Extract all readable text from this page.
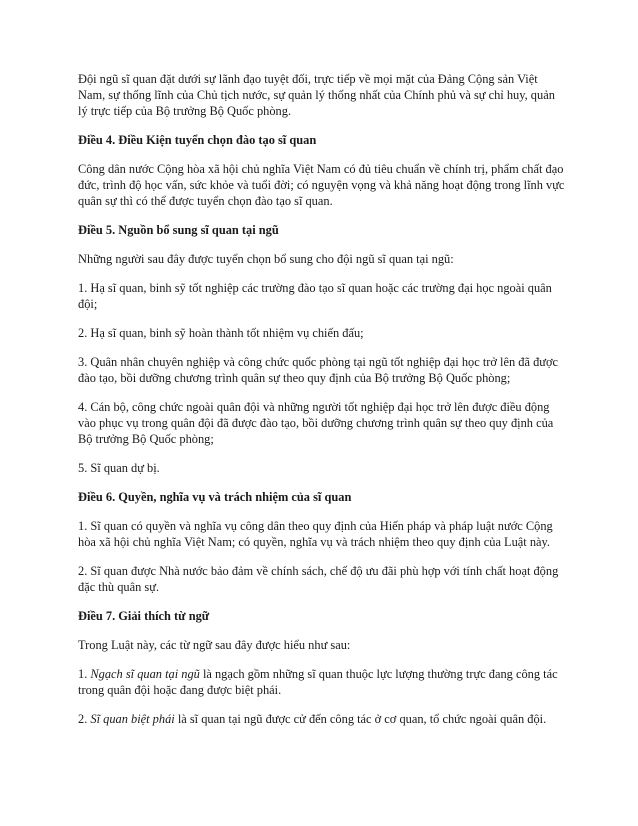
Đội ngũ sĩ quan đặt dưới sự lãnh đạo tuyệt đối, trực tiếp về mọi mặt của Đảng Cộng sản Việt Nam, sự thống lĩnh của Chủ tịch nước, sự quản lý thống nhất của Chính phủ và sự chỉ huy, quản lý trực tiếp của Bộ trưởng Bộ Quốc phòng.

Điều 4. Điều Kiện tuyển chọn đào tạo sĩ quan

Công dân nước Cộng hòa xã hội chủ nghĩa Việt Nam có đủ tiêu chuẩn về chính trị, phẩm chất đạo đức, trình độ học vấn, sức khỏe và tuổi đời; có nguyện vọng và khả năng hoạt động trong lĩnh vực quân sự thì có thể được tuyển chọn đào tạo sĩ quan.

Điều 5. Nguồn bổ sung sĩ quan tại ngũ

Những người sau đây được tuyển chọn bổ sung cho đội ngũ sĩ quan tại ngũ:

1. Hạ sĩ quan, binh sỹ tốt nghiệp các trường đào tạo sĩ quan hoặc các trường đại học ngoài quân đội;

2. Hạ sĩ quan, binh sỹ hoàn thành tốt nhiệm vụ chiến đấu;

3. Quân nhân chuyên nghiệp và công chức quốc phòng tại ngũ tốt nghiệp đại học trở lên đã được đào tạo, bồi dưỡng chương trình quân sự theo quy định của Bộ trưởng Bộ Quốc phòng;

4. Cán bộ, công chức ngoài quân đội và những người tốt nghiệp đại học trở lên được điều động vào phục vụ trong quân đội đã được đào tạo, bồi dưỡng chương trình quân sự theo quy định của Bộ trưởng Bộ Quốc phòng;

5. Sĩ quan dự bị.

Điều 6. Quyền, nghĩa vụ và trách nhiệm của sĩ quan

1. Sĩ quan có quyền và nghĩa vụ công dân theo quy định của Hiến pháp và pháp luật nước Cộng hòa xã hội chủ nghĩa Việt Nam; có quyền, nghĩa vụ và trách nhiệm theo quy định của Luật này.

2. Sĩ quan được Nhà nước bảo đảm về chính sách, chế độ ưu đãi phù hợp với tính chất hoạt động đặc thù quân sự.

Điều 7. Giải thích từ ngữ

Trong Luật này, các từ ngữ sau đây được hiểu như sau:

1. Ngạch sĩ quan tại ngũ là ngạch gồm những sĩ quan thuộc lực lượng thường trực đang công tác trong quân đội hoặc đang được biệt phái.

2. Sĩ quan biệt phái là sĩ quan tại ngũ được cử đến công tác ở cơ quan, tổ chức ngoài quân đội.
